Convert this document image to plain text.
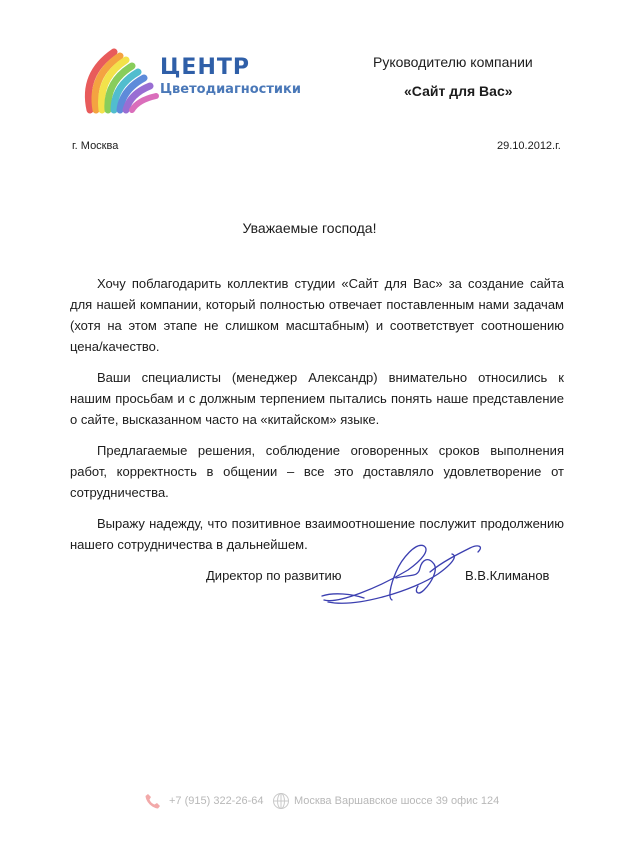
ЦЕНТР
Цветодиагностики
Руководителю компании
«Сайт для Вас»
г. Москва	29.10.2012.г.
Уважаемые господа!

Хочу поблагодарить коллектив студии «Сайт для Вас» за создание сайта для нашей компании, который полностью отвечает поставленным нами задачам (хотя на этом этапе не слишком масштабным) и соответствует соотношению цена/качество.

Ваши специалисты (менеджер Александр) внимательно относились к нашим просьбам и с должным терпением пытались понять наше представление о сайте, высказанном часто на «китайском» языке.

Предлагаемые решения, соблюдение оговоренных сроков выполнения работ, корректность в общении – все это доставляло удовлетворение от сотрудничества.

Выражу надежду, что позитивное взаимоотношение послужит продолжению нашего сотрудничества в дальнейшем.

Директор по развитию	В.В.Климанов
+7 (915) 322-26-64	Москва Варшавское шоссе 39 офис 124
